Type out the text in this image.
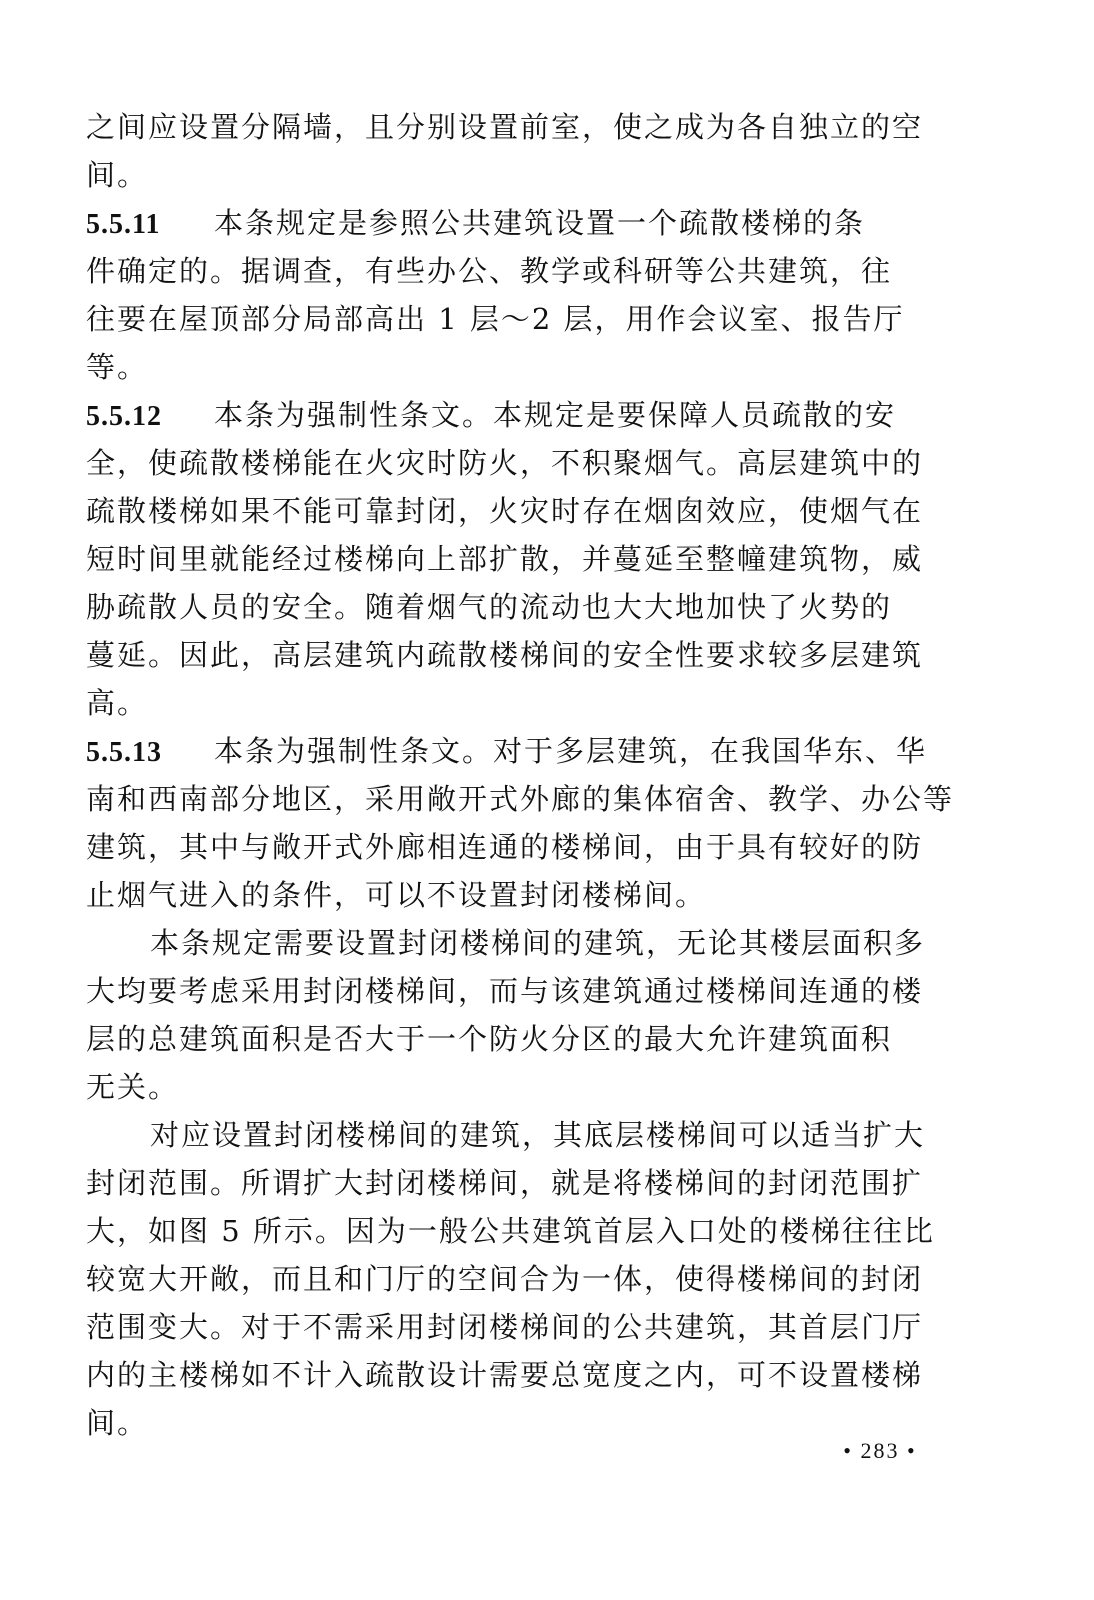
之间应设置分隔墙，且分别设置前室，使之成为各自独立的空
间。
5.5.11 本条规定是参照公共建筑设置一个疏散楼梯的条
件确定的。据调查，有些办公、教学或科研等公共建筑，往
往要在屋顶部分局部高出 1 层～2 层，用作会议室、报告厅
等。
5.5.12 本条为强制性条文。本规定是要保障人员疏散的安
全，使疏散楼梯能在火灾时防火，不积聚烟气。高层建筑中的
疏散楼梯如果不能可靠封闭，火灾时存在烟囱效应，使烟气在
短时间里就能经过楼梯向上部扩散，并蔓延至整幢建筑物，威
胁疏散人员的安全。随着烟气的流动也大大地加快了火势的
蔓延。因此，高层建筑内疏散楼梯间的安全性要求较多层建筑
高。
5.5.13 本条为强制性条文。对于多层建筑，在我国华东、华
南和西南部分地区，采用敞开式外廊的集体宿舍、教学、办公等
建筑，其中与敞开式外廊相连通的楼梯间，由于具有较好的防
止烟气进入的条件，可以不设置封闭楼梯间。
本条规定需要设置封闭楼梯间的建筑，无论其楼层面积多
大均要考虑采用封闭楼梯间，而与该建筑通过楼梯间连通的楼
层的总建筑面积是否大于一个防火分区的最大允许建筑面积
无关。
对应设置封闭楼梯间的建筑，其底层楼梯间可以适当扩大
封闭范围。所谓扩大封闭楼梯间，就是将楼梯间的封闭范围扩
大，如图 5 所示。因为一般公共建筑首层入口处的楼梯往往比
较宽大开敞，而且和门厅的空间合为一体，使得楼梯间的封闭
范围变大。对于不需采用封闭楼梯间的公共建筑，其首层门厅
内的主楼梯如不计入疏散设计需要总宽度之内，可不设置楼梯
间。
• 283 •
